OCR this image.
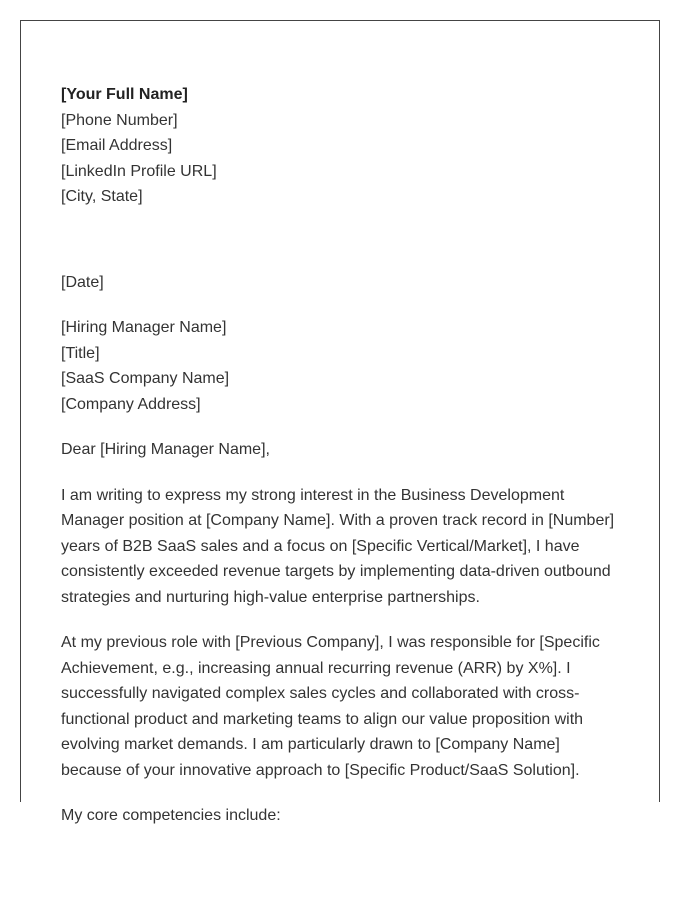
[Your Full Name]
[Phone Number]
[Email Address]
[LinkedIn Profile URL]
[City, State]
[Date]
[Hiring Manager Name]
[Title]
[SaaS Company Name]
[Company Address]

Dear [Hiring Manager Name],

I am writing to express my strong interest in the Business Development Manager position at [Company Name]. With a proven track record in [Number] years of B2B SaaS sales and a focus on [Specific Vertical/Market], I have consistently exceeded revenue targets by implementing data-driven outbound strategies and nurturing high-value enterprise partnerships.

At my previous role with [Previous Company], I was responsible for [Specific Achievement, e.g., increasing annual recurring revenue (ARR) by X%]. I successfully navigated complex sales cycles and collaborated with cross-functional product and marketing teams to align our value proposition with evolving market demands. I am particularly drawn to [Company Name] because of your innovative approach to [Specific Product/SaaS Solution].

My core competencies include:
